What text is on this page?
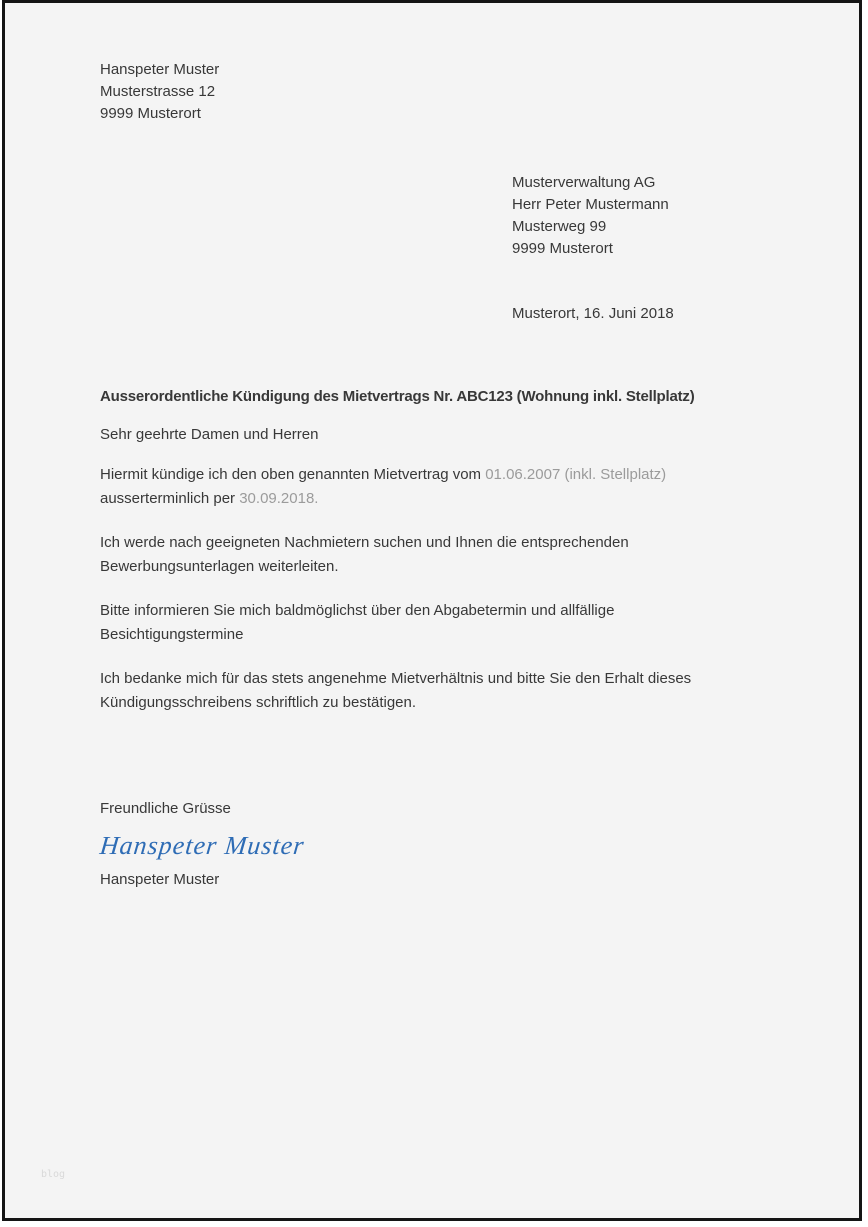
Hanspeter Muster
Musterstrasse 12
9999 Musterort
Musterverwaltung AG
Herr Peter Mustermann
Musterweg 99
9999 Musterort
Musterort, 16. Juni 2018
Ausserordentliche Kündigung des Mietvertrags Nr. ABC123 (Wohnung inkl. Stellplatz)
Sehr geehrte Damen und Herren

Hiermit kündige ich den oben genannten Mietvertrag vom 01.06.2007 (inkl. Stellplatz) ausserterminlich per 30.09.2018.

Ich werde nach geeigneten Nachmietern suchen und Ihnen die entsprechenden Bewerbungsunterlagen weiterleiten.

Bitte informieren Sie mich baldmöglichst über den Abgabetermin und allfällige Besichtigungstermine

Ich bedanke mich für das stets angenehme Mietverhältnis und bitte Sie den Erhalt dieses Kündigungsschreibens schriftlich zu bestätigen.

Freundliche Grüsse
Hanspeter Muster
Hanspeter Muster
blog
